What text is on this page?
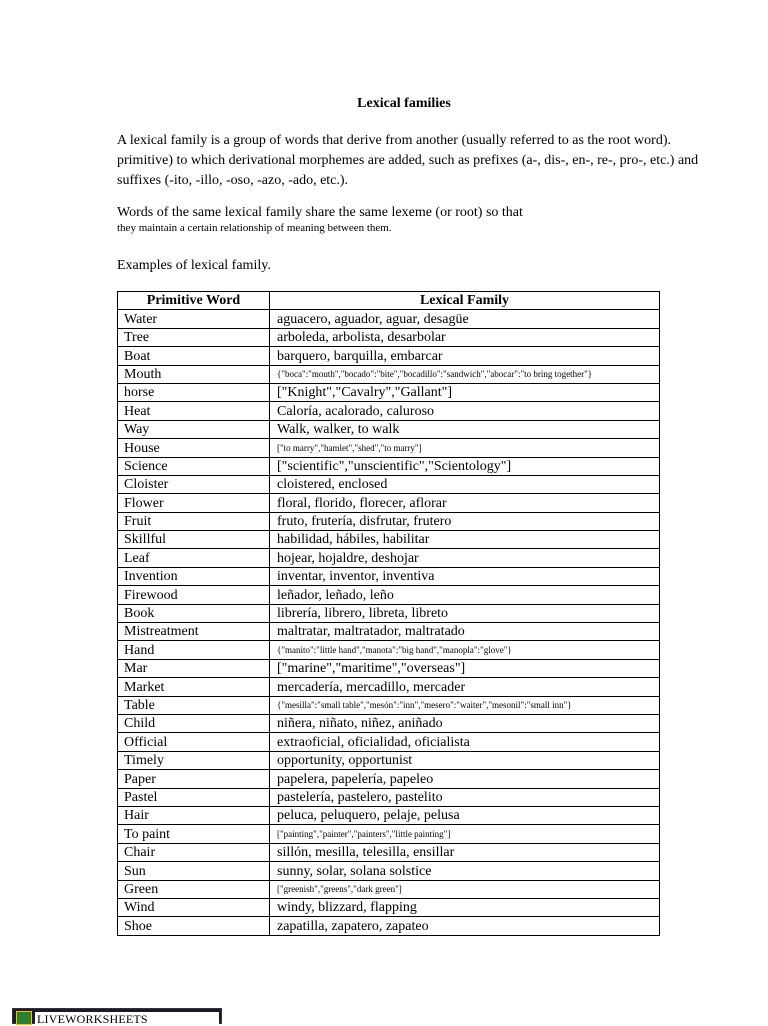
Lexical families
A lexical family is a group of words that derive from another (usually referred to as the root word). primitive) to which derivational morphemes are added, such as prefixes (a-, dis-, en-, re-, pro-, etc.) and suffixes (-ito, -illo, -oso, -azo, -ado, etc.).
Words of the same lexical family share the same lexeme (or root) so that
they maintain a certain relationship of meaning between them.
Examples of lexical family.
Primitive Word	Lexical Family
Water	aguacero, aguador, aguar, desagüe
Tree	arboleda, arbolista, desarbolar
Boat	barquero, barquilla, embarcar
Mouth	{"boca":"mouth","bocado":"bite","bocadillo":"sandwich","abocar":"to bring together"}
horse	["Knight","Cavalry","Gallant"]
Heat	Caloría, acalorado, caluroso
Way	Walk, walker, to walk
House	["to marry","hamlet","shed","to marry"]
Science	["scientific","unscientific","Scientology"]
Cloister	cloistered, enclosed
Flower	floral, florido, florecer, aflorar
Fruit	fruto, frutería, disfrutar, frutero
Skillful	habilidad, hábiles, habilitar
Leaf	hojear, hojaldre, deshojar
Invention	inventar, inventor, inventiva
Firewood	leñador, leñado, leño
Book	librería, librero, libreta, libreto
Mistreatment	maltratar, maltratador, maltratado
Hand	{"manito":"little hand","manota":"big hand","manopla":"glove"}
Mar	["marine","maritime","overseas"]
Market	mercadería, mercadillo, mercader
Table	{"mesilla":"small table","mesón":"inn","mesero":"waiter","mesonil":"small inn"}
Child	niñera, niñato, niñez, aniñado
Official	extraoficial, oficialidad, oficialista
Timely	opportunity, opportunist
Paper	papelera, papelería, papeleo
Pastel	pastelería, pastelero, pastelito
Hair	peluca, peluquero, pelaje, pelusa
To paint	["painting","painter","painters","little painting"]
Chair	sillón, mesilla, telesilla, ensillar
Sun	sunny, solar, solana solstice
Green	["greenish","greens","dark green"]
Wind	windy, blizzard, flapping
Shoe	zapatilla, zapatero, zapateo
LIVEWORKSHEETS
